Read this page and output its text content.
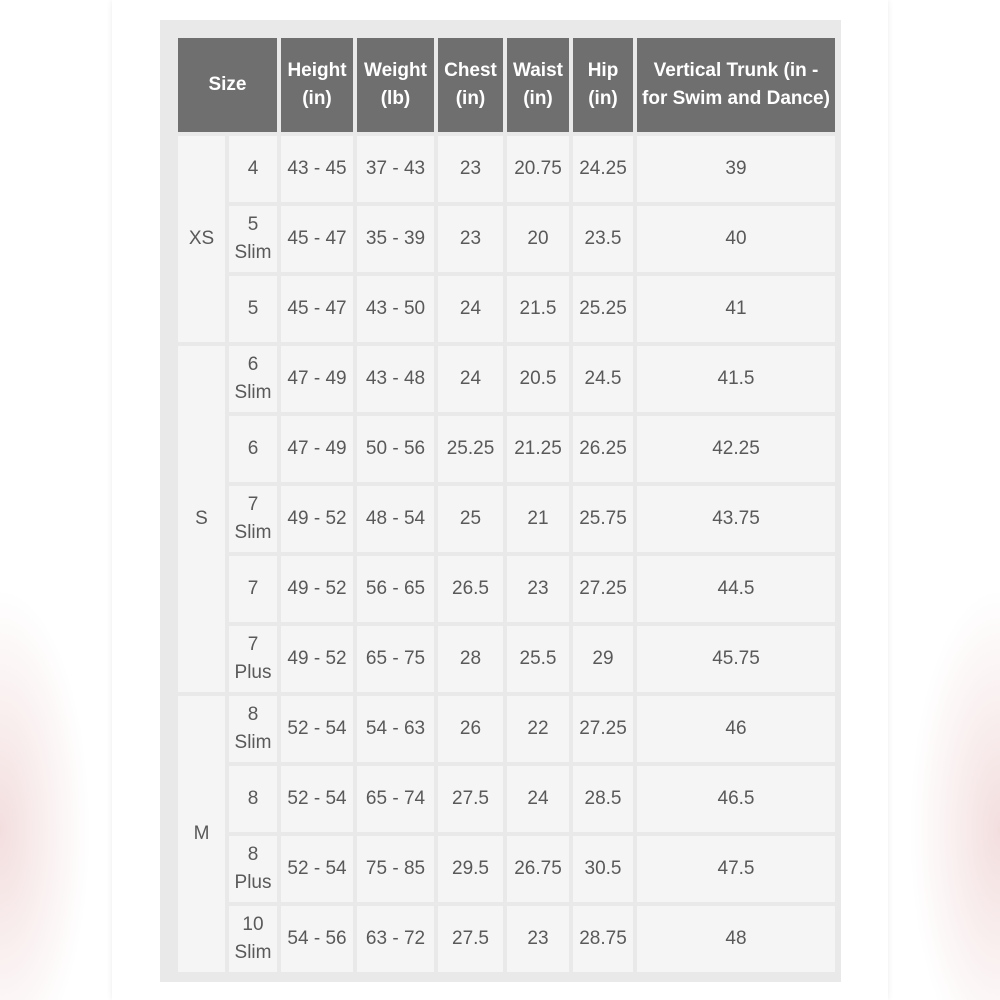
Size		Height (in)	Weight (lb)	Chest (in)	Waist (in)	Hip (in)	Vertical Trunk (in - for Swim and Dance)
XS	4	43 - 45	37 - 43	23	20.75	24.25	39
	5 Slim	45 - 47	35 - 39	23	20	23.5	40
	5	45 - 47	43 - 50	24	21.5	25.25	41
S	6 Slim	47 - 49	43 - 48	24	20.5	24.5	41.5
	6	47 - 49	50 - 56	25.25	21.25	26.25	42.25
	7 Slim	49 - 52	48 - 54	25	21	25.75	43.75
	7	49 - 52	56 - 65	26.5	23	27.25	44.5
	7 Plus	49 - 52	65 - 75	28	25.5	29	45.75
M	8 Slim	52 - 54	54 - 63	26	22	27.25	46
	8	52 - 54	65 - 74	27.5	24	28.5	46.5
	8 Plus	52 - 54	75 - 85	29.5	26.75	30.5	47.5
	10 Slim	54 - 56	63 - 72	27.5	23	28.75	48
